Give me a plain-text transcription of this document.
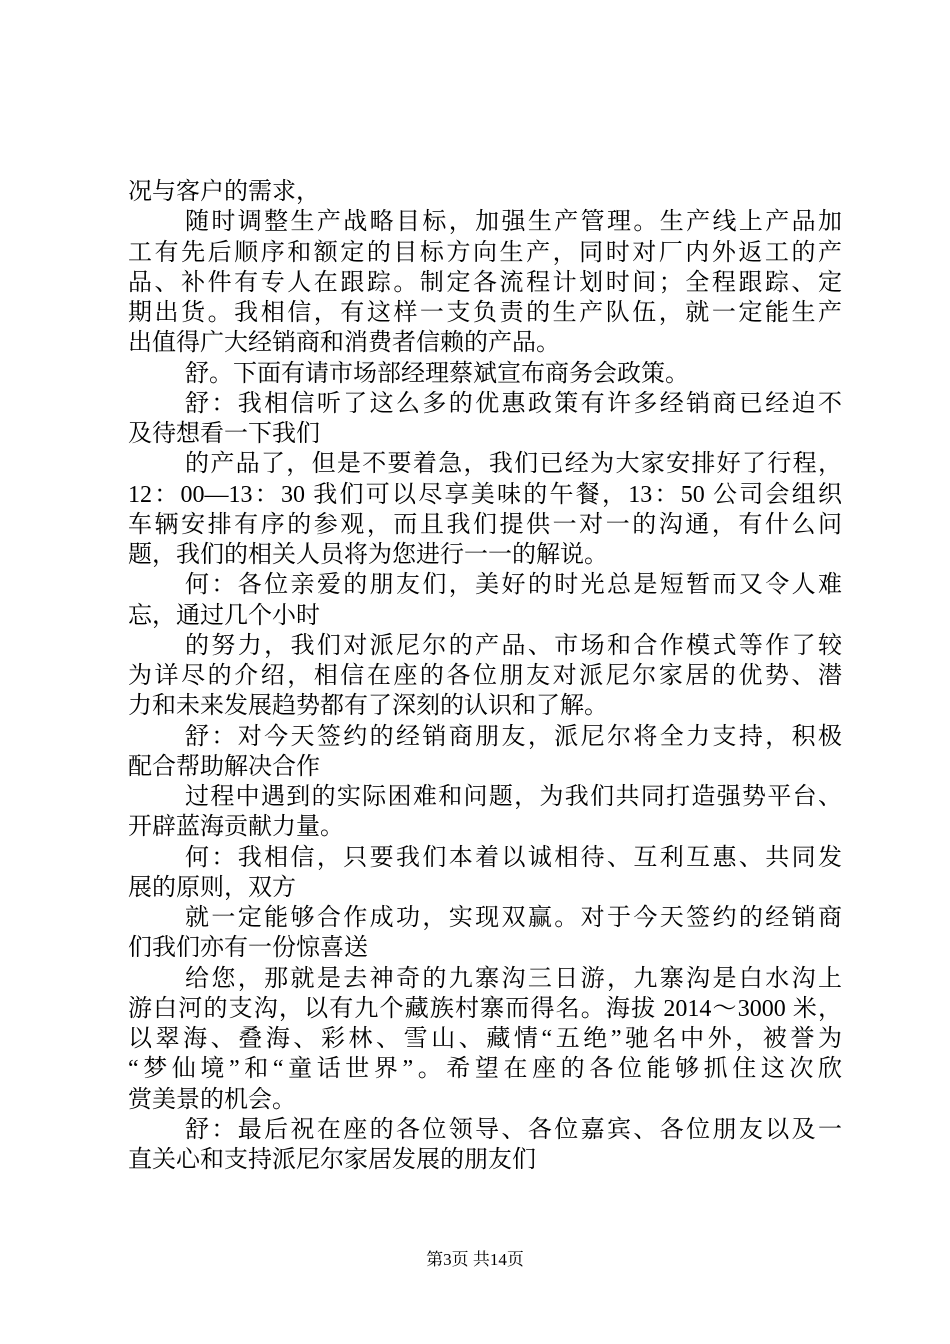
况与客户的需求，
随时调整生产战略目标，加强生产管理。生产线上产品加
工有先后顺序和额定的目标方向生产，同时对厂内外返工的产
品、补件有专人在跟踪。制定各流程计划时间；全程跟踪、定
期出货。我相信，有这样一支负责的生产队伍，就一定能生产
出值得广大经销商和消费者信赖的产品。
舒。下面有请市场部经理蔡斌宣布商务会政策。
舒：我相信听了这么多的优惠政策有许多经销商已经迫不
及待想看一下我们
的产品了，但是不要着急，我们已经为大家安排好了行程，
12：00—13：30 我们可以尽享美味的午餐，13：50 公司会组织
车辆安排有序的参观，而且我们提供一对一的沟通，有什么问
题，我们的相关人员将为您进行一一的解说。
何：各位亲爱的朋友们，美好的时光总是短暂而又令人难
忘，通过几个小时
的努力，我们对派尼尔的产品、市场和合作模式等作了较
为详尽的介绍，相信在座的各位朋友对派尼尔家居的优势、潜
力和未来发展趋势都有了深刻的认识和了解。
舒：对今天签约的经销商朋友，派尼尔将全力支持，积极
配合帮助解决合作
过程中遇到的实际困难和问题，为我们共同打造强势平台、
开辟蓝海贡献力量。
何：我相信，只要我们本着以诚相待、互利互惠、共同发
展的原则，双方
就一定能够合作成功，实现双赢。对于今天签约的经销商
们我们亦有一份惊喜送
给您，那就是去神奇的九寨沟三日游，九寨沟是白水沟上
游白河的支沟，以有九个藏族村寨而得名。海拔 2014～3000 米，
以翠海、叠海、彩林、雪山、藏情“五绝”驰名中外，被誉为
“梦仙境”和“童话世界”。希望在座的各位能够抓住这次欣
赏美景的机会。
舒：最后祝在座的各位领导、各位嘉宾、各位朋友以及一
直关心和支持派尼尔家居发展的朋友们
第3页 共14页
